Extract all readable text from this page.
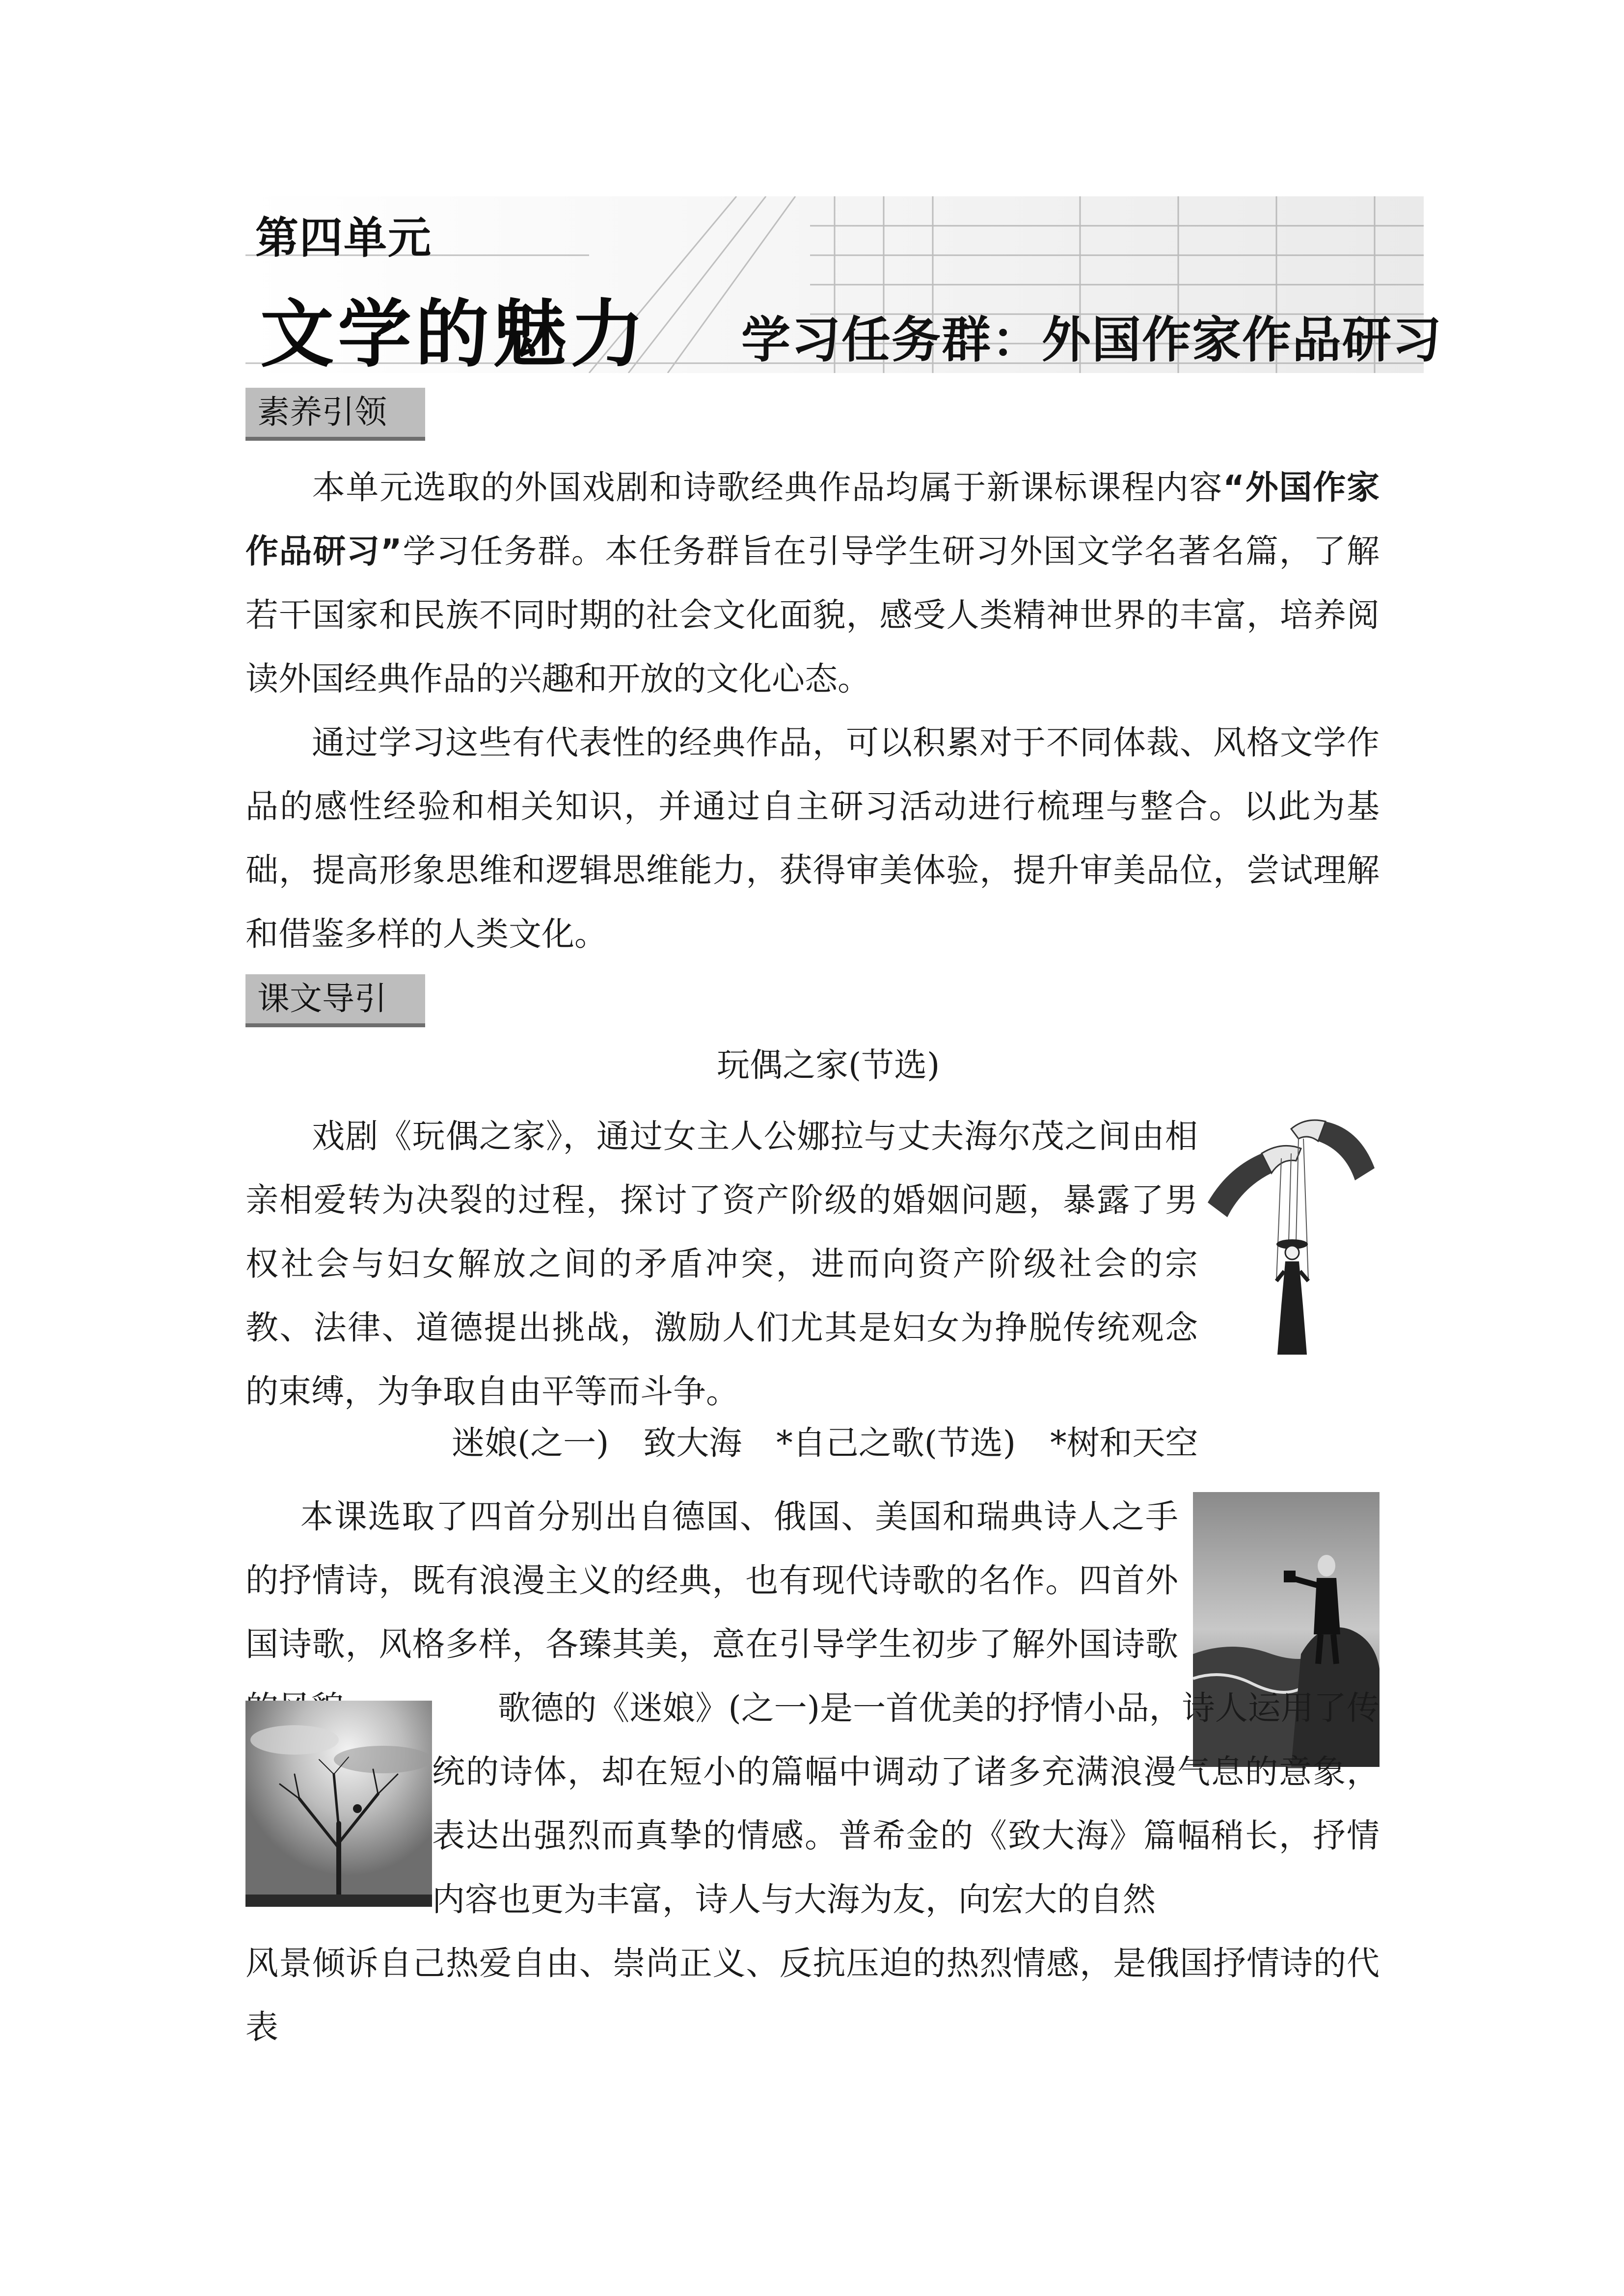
第四单元
文学的魅力 学习任务群：外国作家作品研习
素养引领

本单元选取的外国戏剧和诗歌经典作品均属于新课标课程内容“外国作家作品研习”学习任务群。本任务群旨在引导学生研习外国文学名著名篇，了解若干国家和民族不同时期的社会文化面貌，感受人类精神世界的丰富，培养阅读外国经典作品的兴趣和开放的文化心态。

通过学习这些有代表性的经典作品，可以积累对于不同体裁、风格文学作品的感性经验和相关知识，并通过自主研习活动进行梳理与整合。以此为基础，提高形象思维和逻辑思维能力，获得审美体验，提升审美品位，尝试理解和借鉴多样的人类文化。

课文导引
玩偶之家(节选)

戏剧《玩偶之家》，通过女主人公娜拉与丈夫海尔茂之间由相亲相爱转为决裂的过程，探讨了资产阶级的婚姻问题，暴露了男权社会与妇女解放之间的矛盾冲突，进而向资产阶级社会的宗教、法律、道德提出挑战，激励人们尤其是妇女为挣脱传统观念的束缚，为争取自由平等而斗争。

迷娘(之一) 致大海 *自己之歌(节选) *树和天空

本课选取了四首分别出自德国、俄国、美国和瑞典诗人之手的抒情诗，既有浪漫主义的经典，也有现代诗歌的名作。四首外国诗歌，风格多样，各臻其美，意在引导学生初步了解外国诗歌

歌德的《迷娘》(之一)是一首优美的抒情小品，诗人运用了传统的诗体，却在短小的篇幅中调动了诸多充满浪漫气息的意象，表达出强烈而真挚的情感。普希金的《致大海》篇幅稍长，抒情内容也更为丰富，诗人与大海为友，向宏大的自然

风景倾诉自己热爱自由、崇尚正义、反抗压迫的热烈情感，是俄国抒情诗的代表
